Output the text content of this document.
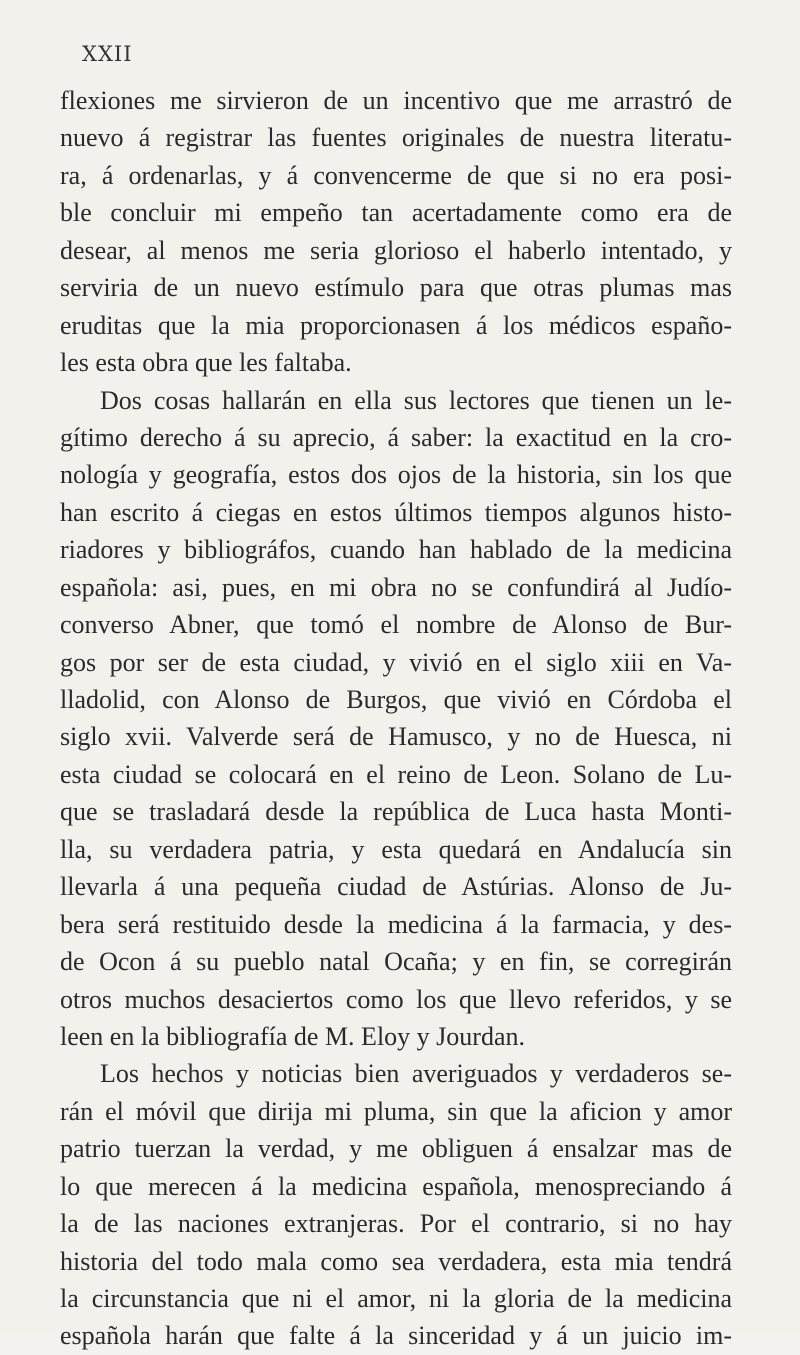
XXII
flexiones me sirvieron de un incentivo que me arrastró de
nuevo á registrar las fuentes originales de nuestra literatu-
ra, á ordenarlas, y á convencerme de que si no era posi-
ble concluir mi empeño tan acertadamente como era de
desear, al menos me seria glorioso el haberlo intentado, y
serviria de un nuevo estímulo para que otras plumas mas
eruditas que la mia proporcionasen á los médicos españo-
les esta obra que les faltaba.
Dos cosas hallarán en ella sus lectores que tienen un le-
gítimo derecho á su aprecio, á saber: la exactitud en la cro-
nología y geografía, estos dos ojos de la historia, sin los que
han escrito á ciegas en estos últimos tiempos algunos histo-
riadores y bibliográfos, cuando han hablado de la medicina
española: asi, pues, en mi obra no se confundirá al Judío-
converso Abner, que tomó el nombre de Alonso de Bur-
gos por ser de esta ciudad, y vivió en el siglo xiii en Va-
lladolid, con Alonso de Burgos, que vivió en Córdoba el
siglo xvii. Valverde será de Hamusco, y no de Huesca, ni
esta ciudad se colocará en el reino de Leon. Solano de Lu-
que se trasladará desde la república de Luca hasta Monti-
lla, su verdadera patria, y esta quedará en Andalucía sin
llevarla á una pequeña ciudad de Astúrias. Alonso de Ju-
bera será restituido desde la medicina á la farmacia, y des-
de Ocon á su pueblo natal Ocaña; y en fin, se corregirán
otros muchos desaciertos como los que llevo referidos, y se
leen en la bibliografía de M. Eloy y Jourdan.
Los hechos y noticias bien averiguados y verdaderos se-
rán el móvil que dirija mi pluma, sin que la aficion y amor
patrio tuerzan la verdad, y me obliguen á ensalzar mas de
lo que merecen á la medicina española, menospreciando á
la de las naciones extranjeras. Por el contrario, si no hay
historia del todo mala como sea verdadera, esta mia tendrá
la circunstancia que ni el amor, ni la gloria de la medicina
española harán que falte á la sinceridad y á un juicio im-
